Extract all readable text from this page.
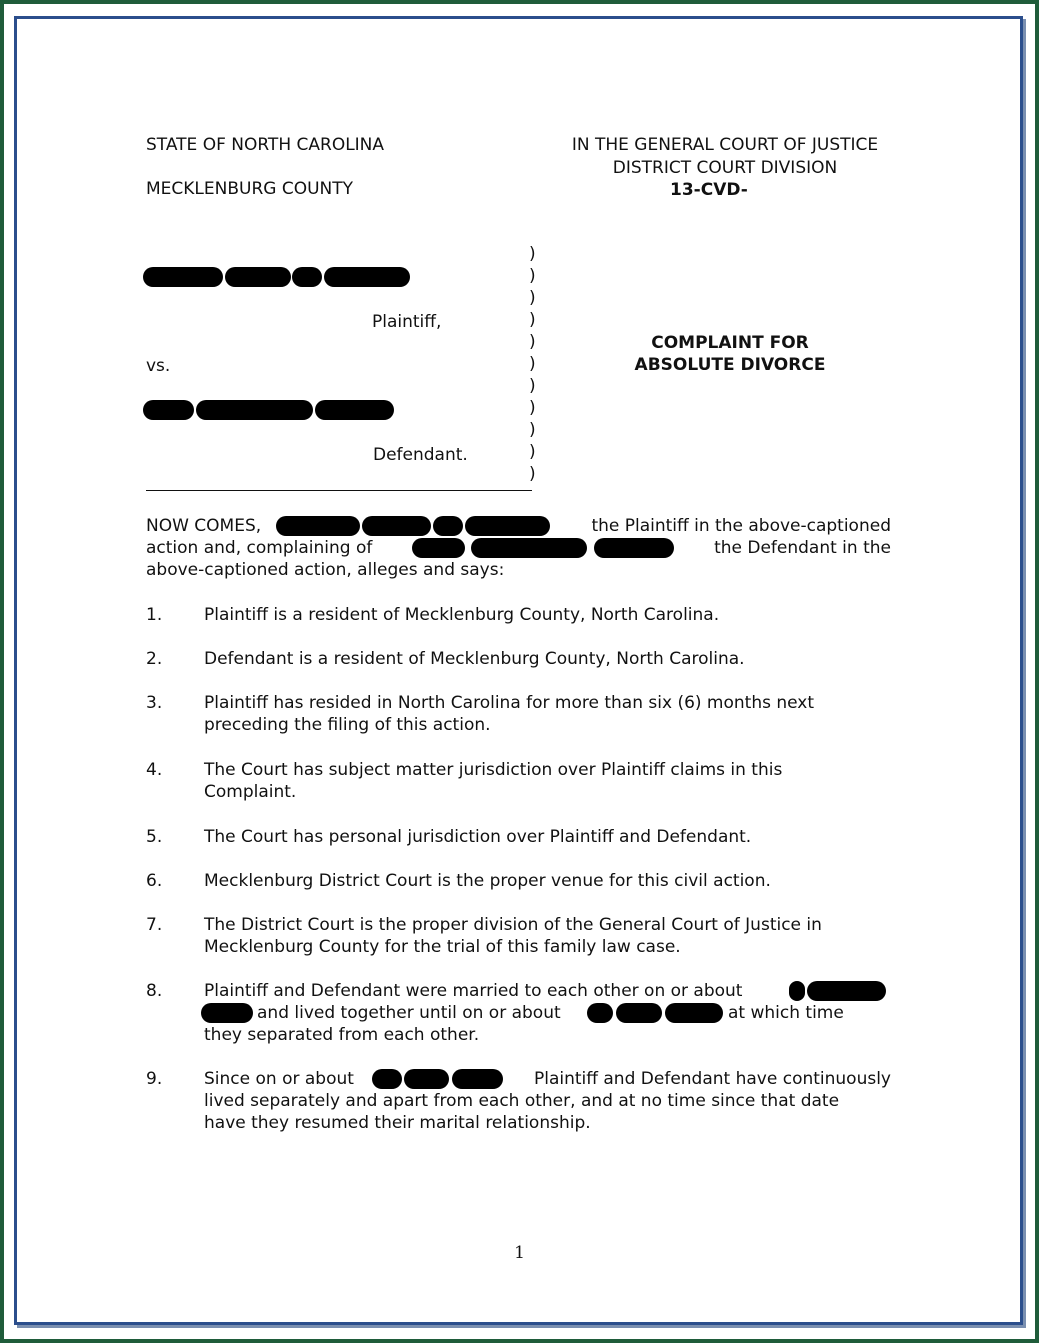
STATE OF NORTH CAROLINA
MECKLENBURG COUNTY
IN THE GENERAL COURT OF JUSTICE
DISTRICT COURT DIVISION
13-CVD-
Plaintiff,
vs.
Defendant.
)
)
)
)
)
)
)
)
)
)
)
COMPLAINT FOR
ABSOLUTE DIVORCE
NOW COMES,	the Plaintiff in the above-captioned
action and, complaining of	the Defendant in the
above-captioned action, alleges and says:
1. Plaintiff is a resident of Mecklenburg County, North Carolina.
2. Defendant is a resident of Mecklenburg County, North Carolina.
3. Plaintiff has resided in North Carolina for more than six (6) months next
preceding the filing of this action.
4. The Court has subject matter jurisdiction over Plaintiff claims in this
Complaint.
5. The Court has personal jurisdiction over Plaintiff and Defendant.
6. Mecklenburg District Court is the proper venue for this civil action.
7. The District Court is the proper division of the General Court of Justice in
Mecklenburg County for the trial of this family law case.
8. Plaintiff and Defendant were married to each other on or about
and lived together until on or about	at which time
they separated from each other.
9. Since on or about	Plaintiff and Defendant have continuously
lived separately and apart from each other, and at no time since that date
have they resumed their marital relationship.
1
